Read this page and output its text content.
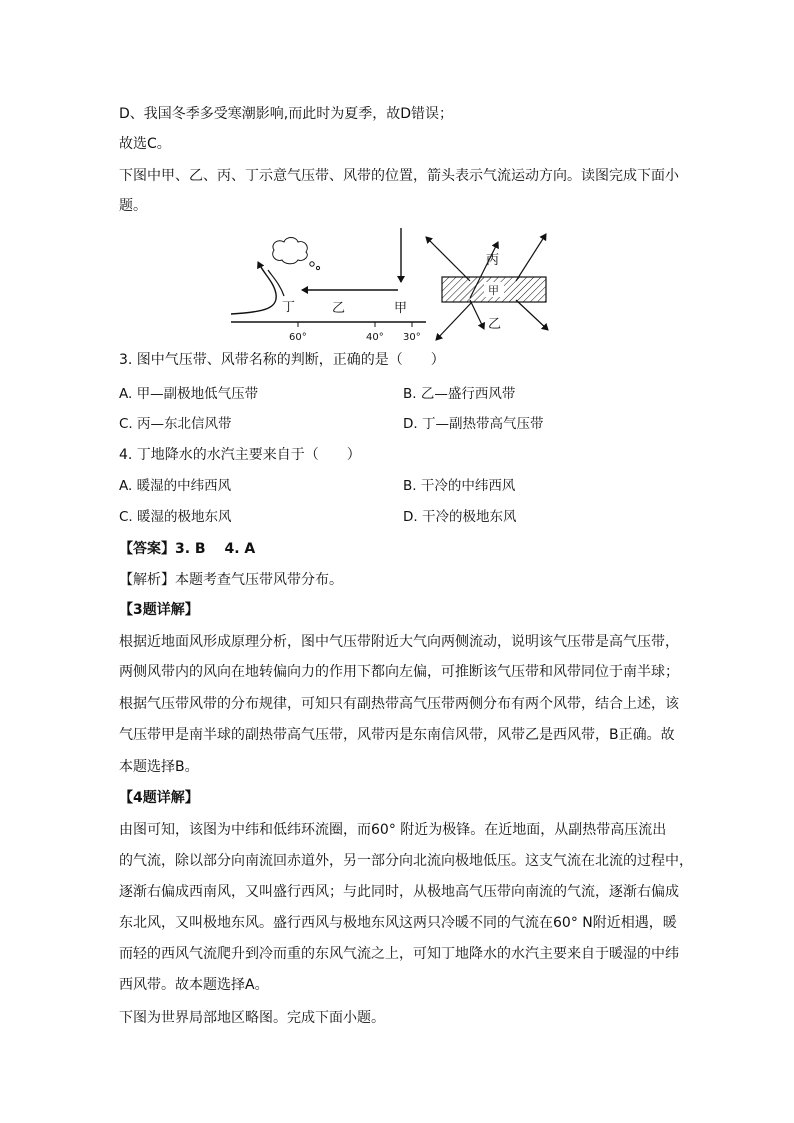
D、我国冬季多受寒潮影响,而此时为夏季，故D错误；
故选C。
下图中甲、乙、丙、丁示意气压带、风带的位置，箭头表示气流运动方向。读图完成下面小
题。
丁	乙	甲
60°	40° 30°
丙
甲
乙
3. 图中气压带、风带名称的判断，正确的是（　　）
A. 甲—副极地低气压带	B. 乙—盛行西风带
C. 丙—东北信风带	D. 丁—副热带高气压带
4. 丁地降水的水汽主要来自于（　　）
A. 暖湿的中纬西风	B. 干冷的中纬西风
C. 暖湿的极地东风	D. 干冷的极地东风
【答案】3. B　 4. A
【解析】本题考查气压带风带分布。
【3题详解】
根据近地面风形成原理分析，图中气压带附近大气向两侧流动，说明该气压带是高气压带，
两侧风带内的风向在地转偏向力的作用下都向左偏，可推断该气压带和风带同位于南半球；
根据气压带风带的分布规律，可知只有副热带高气压带两侧分布有两个风带，结合上述，该
气压带甲是南半球的副热带高气压带，风带丙是东南信风带，风带乙是西风带，B正确。故
本题选择B。
【4题详解】
由图可知，该图为中纬和低纬环流圈，而60° 附近为极锋。在近地面，从副热带高压流出
的气流，除以部分向南流回赤道外，另一部分向北流向极地低压。这支气流在北流的过程中，
逐渐右偏成西南风，又叫盛行西风；与此同时，从极地高气压带向南流的气流，逐渐右偏成
东北风，又叫极地东风。盛行西风与极地东风这两只冷暖不同的气流在60° N附近相遇，暖
而轻的西风气流爬升到冷而重的东风气流之上，可知丁地降水的水汽主要来自于暖湿的中纬
西风带。故本题选择A。
下图为世界局部地区略图。完成下面小题。
